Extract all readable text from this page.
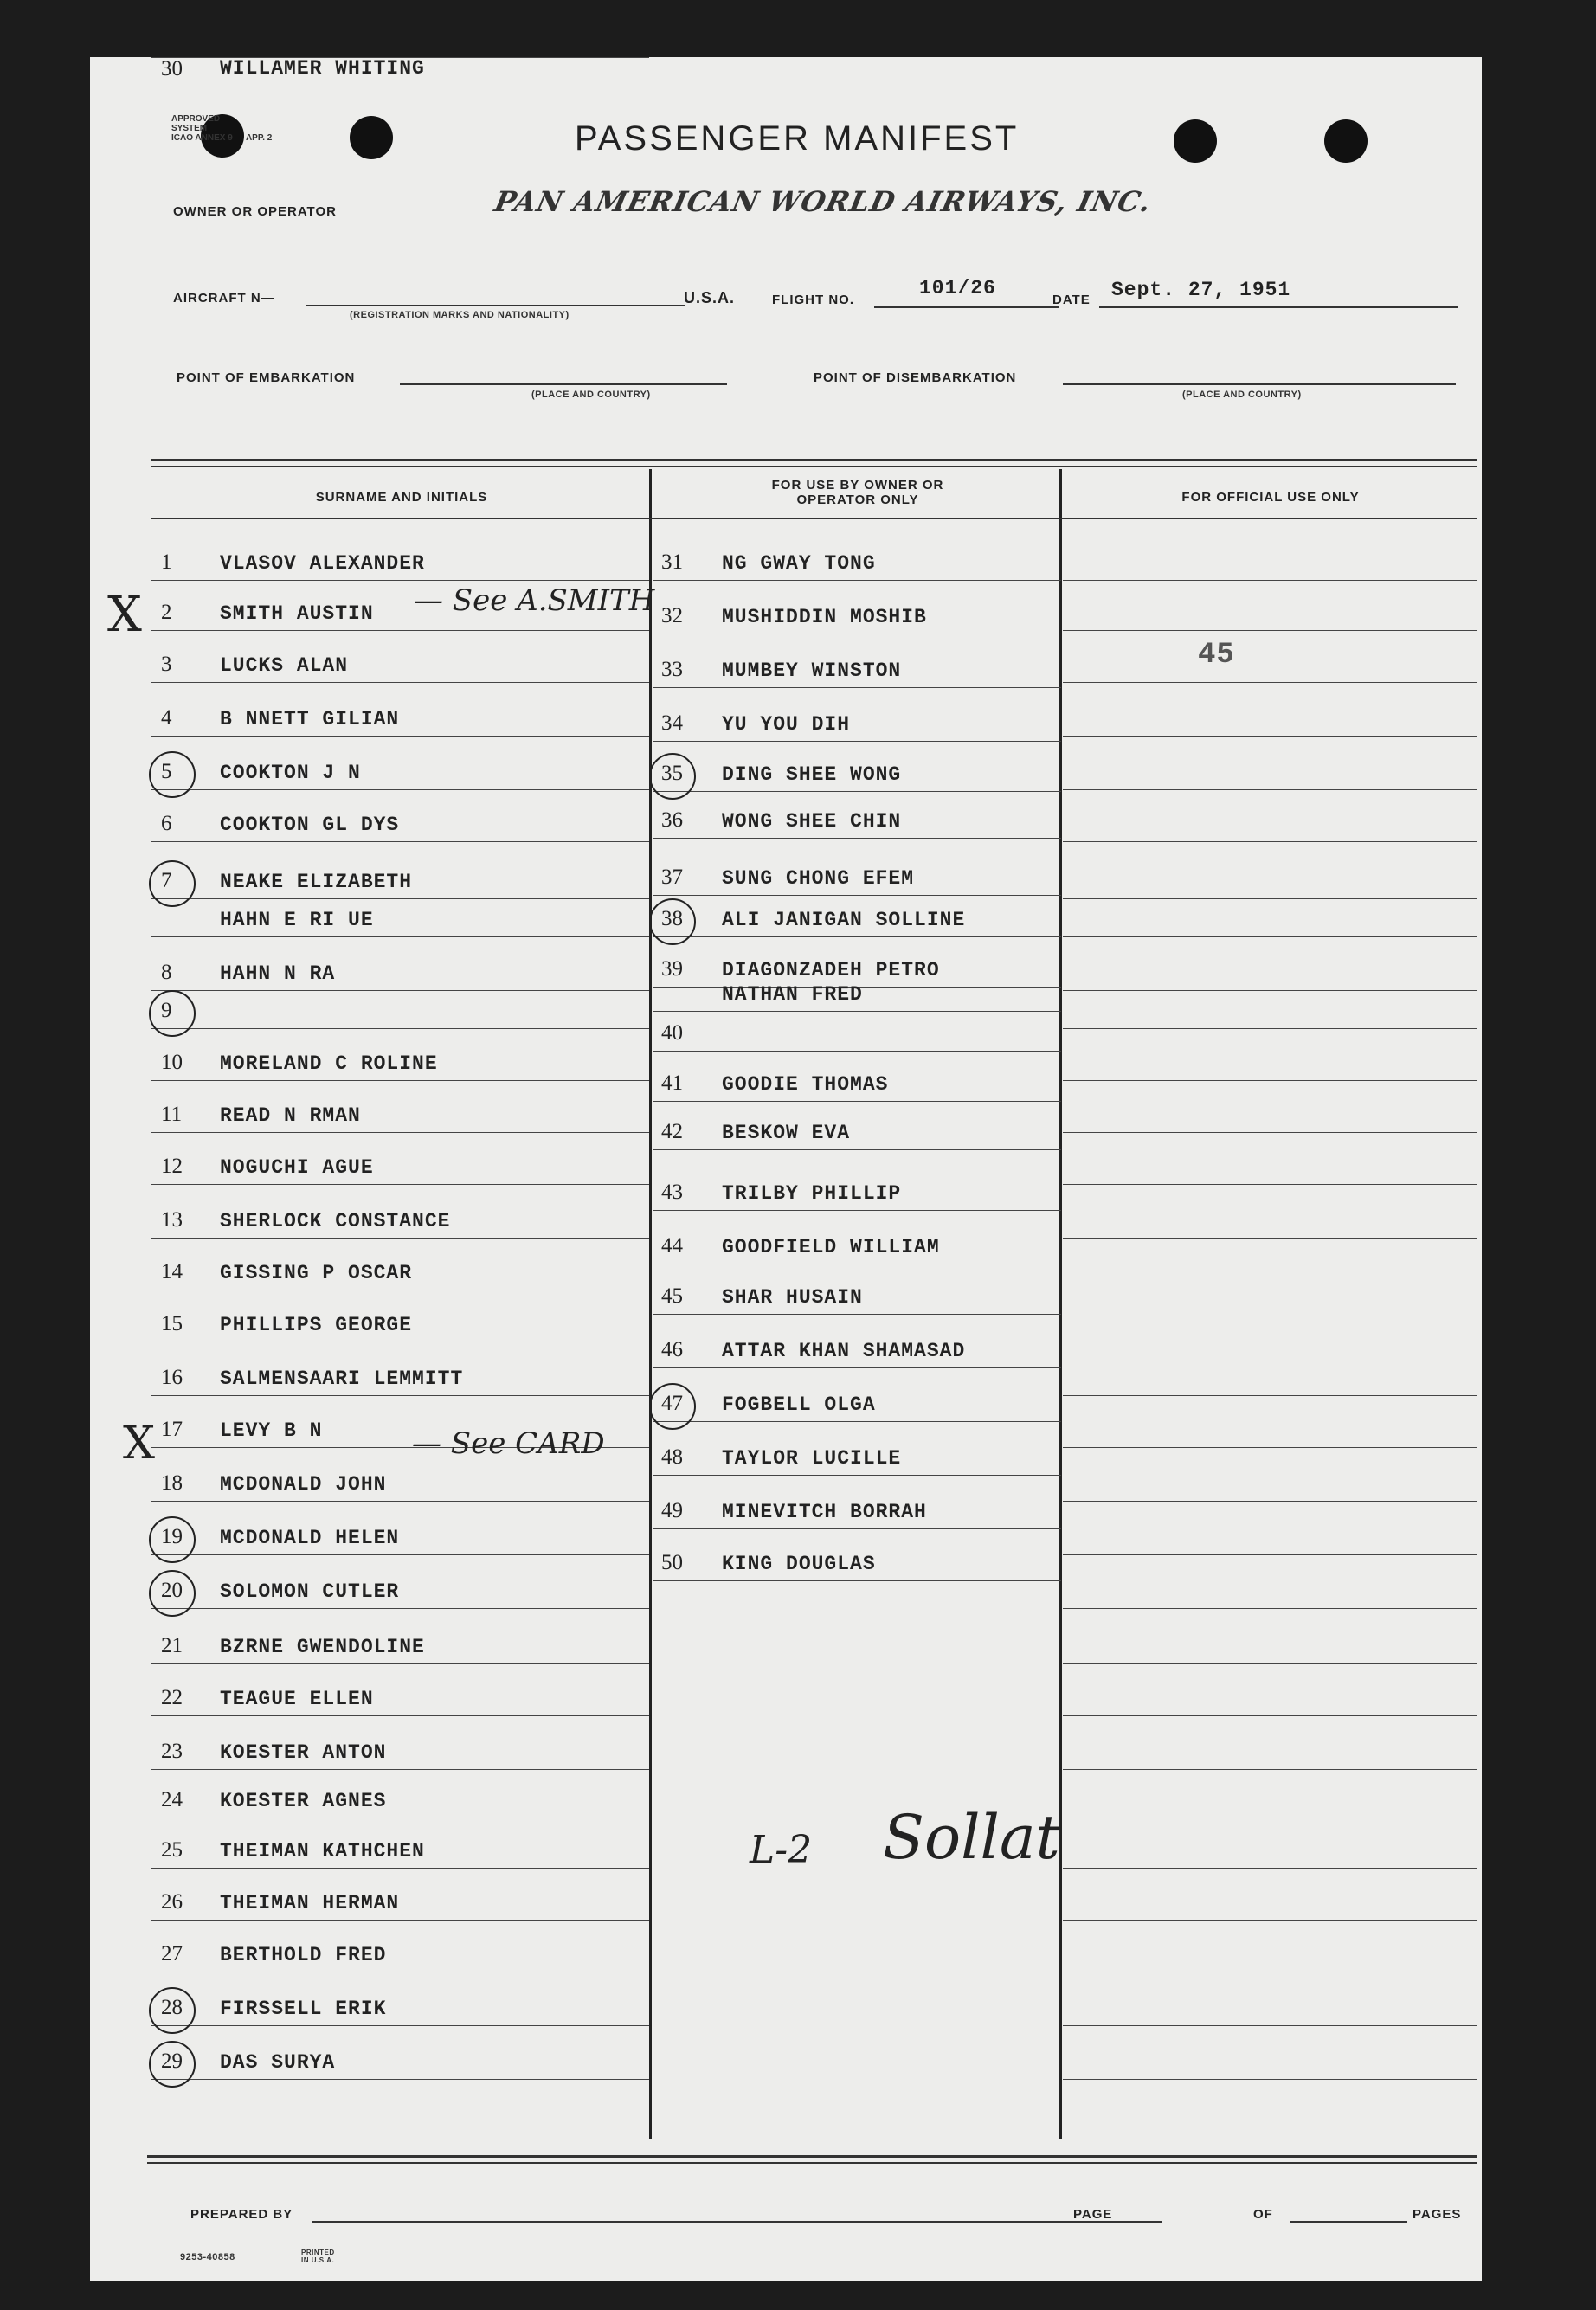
APPROVED
SYSTEM
ICAO ANNEX 9 — APP. 2	PASSENGER MANIFEST
OWNER OR OPERATOR	PAN AMERICAN WORLD AIRWAYS, INC.
AIRCRAFT N—
(REGISTRATION MARKS AND NATIONALITY)
U.S.A.	FLIGHT NO.
101/26
DATE Sept. 27, 1951
POINT OF EMBARKATION
(PLACE AND COUNTRY)
POINT OF DISEMBARKATION
(PLACE AND COUNTRY)
SURNAME AND INITIALS
FOR USE BY OWNER OR OPERATOR ONLY	FOR OFFICIAL USE ONLY
1 VLASOV ALEXANDER
2 SMITH AUSTIN
3 LUCKS ALAN
4 B NNETT GILIAN
5 COOKTON J N
6 COOKTON GL DYS
7 NEAKE ELIZABETH
HAHN E RI UE
8 HAHN N RA
9
10 MORELAND C ROLINE
11 READ N RMAN
12 NOGUCHI AGUE
13 SHERLOCK CONSTANCE
14 GISSING P OSCAR
15 PHILLIPS GEORGE
16 SALMENSAARI LEMMITT
17 LEVY B N
18 MCDONALD JOHN
19 MCDONALD HELEN
20 SOLOMON CUTLER
21 BZRNE GWENDOLINE
22 TEAGUE ELLEN
23 KOESTER ANTON
24 KOESTER AGNES
25 THEIMAN KATHCHEN
26 THEIMAN HERMAN
27 BERTHOLD FRED
28 FIRSSELL ERIK
29 DAS SURYA
30 WILLAMER WHITING
31 NG GWAY TONG
32 MUSHIDDIN MOSHIB
33 MUMBEY WINSTON
34 YU YOU DIH
35 DING SHEE WONG
36 WONG SHEE CHIN
37 SUNG CHONG EFEM
38 ALI JANIGAN SOLLINE
39 DIAGONZADEH PETRO
NATHAN FRED
40
41 GOODIE THOMAS
42 BESKOW EVA
43 TRILBY PHILLIP
44 GOODFIELD WILLIAM
45 SHAR HUSAIN
46 ATTAR KHAN SHAMASAD
47 FOGBELL OLGA
48 TAYLOR LUCILLE
49 MINEVITCH BORRAH
50 KING DOUGLAS
45
— See A.SMITH
— See CARD
X
X
L-2 Sollat
PREPARED BY	PAGE	OF	PAGES
9253-40858	PRINTED IN U.S.A.
